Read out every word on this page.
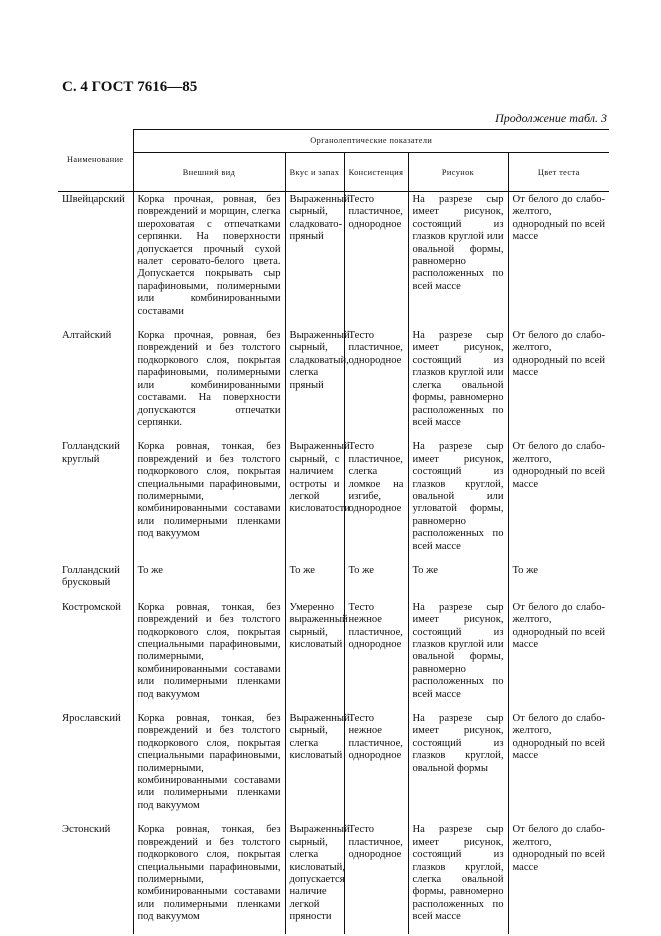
С. 4 ГОСТ 7616—85
Продолжение табл. 3
Наименование	Органолептические показатели				
	Внешний вид	Вкус и запах	Консистенция	Рисунок	Цвет теста
Швейцарский	Корка прочная, ровная, без повреждений и морщин, слегка шероховатая с отпечатками серпянки. На поверхности допускается прочный сухой налет серовато-белого цвета. Допускается покрывать сыр парафиновыми, полимерными или комбинированными составами	Выраженный сырный, сладковато-пряный	Тесто пластичное, однородное	На разрезе сыр имеет рисунок, состоящий из глазков круглой или овальной формы, равномерно расположенных по всей массе	От белого до слабо-желтого, однородный по всей массе
Алтайский	Корка прочная, ровная, без повреждений и без толстого подкоркового слоя, покрытая парафиновыми, полимерными или комбинированными составами. На поверхности допускаются отпечатки серпянки.	Выраженный сырный, сладковатый, слегка пряный	Тесто пластичное, однородное	На разрезе сыр имеет рисунок, состоящий из глазков круглой или слегка овальной формы, равномерно расположенных по всей массе	От белого до слабо-желтого, однородный по всей массе
Голландский круглый	Корка ровная, тонкая, без повреждений и без толстого подкоркового слоя, покрытая специальными парафиновыми, полимерными, комбинированными составами или полимерными пленками под вакуумом	Выраженный сырный, с наличием остроты и легкой кисловатости	Тесто пластичное, слегка ломкое на изгибе, однородное	На разрезе сыр имеет рисунок, состоящий из глазков круглой, овальной или угловатой формы, равномерно расположенных по всей массе	От белого до слабо-желтого, однородный по всей массе
Голландский брусковый	То же	То же	То же	То же	То же
Костромской	Корка ровная, тонкая, без повреждений и без толстого подкоркового слоя, покрытая специальными парафиновыми, полимерными, комбинированными составами или полимерными пленками под вакуумом	Умеренно выраженный сырный, кисловатый	Тесто нежное пластичное, однородное	На разрезе сыр имеет рисунок, состоящий из глазков круглой или овальной формы, равномерно расположенных по всей массе	От белого до слабо-желтого, однородный по всей массе
Ярославский	Корка ровная, тонкая, без повреждений и без толстого подкоркового слоя, покрытая специальными парафиновыми, полимерными, комбинированными составами или полимерными пленками под вакуумом	Выраженный сырный, слегка кисловатый	Тесто нежное пластичное, однородное	На разрезе сыр имеет рисунок, состоящий из глазков круглой, овальной формы	От белого до слабо-желтого, однородный по всей массе
Эстонский	Корка ровная, тонкая, без повреждений и без толстого подкоркового слоя, покрытая специальными парафиновыми, полимерными, комбинированными составами или полимерными пленками под вакуумом	Выраженный сырный, слегка кисловатый, допускается наличие легкой пряности	Тесто пластичное, однородное	На разрезе сыр имеет рисунок, состоящий из глазков круглой, слегка овальной формы, равномерно расположенных по всей массе	От белого до слабо-желтого, однородный по всей массе
